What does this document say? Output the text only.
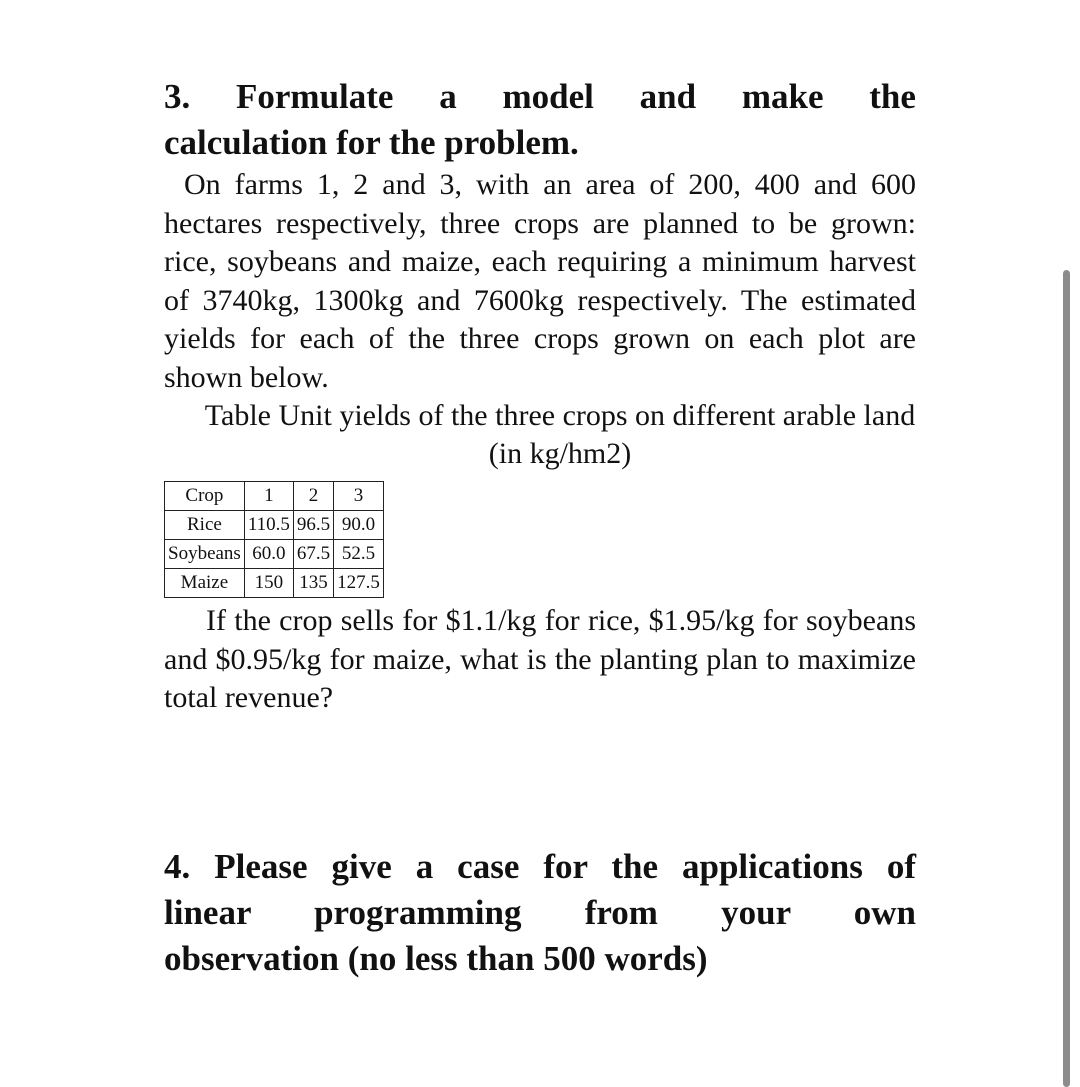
3. Formulate a model and make the
calculation for the problem.

On farms 1, 2 and 3, with an area of 200, 400 and 600 hectares respectively, three crops are planned to be grown: rice, soybeans and maize, each requiring a minimum harvest of 3740kg, 1300kg and 7600kg respectively. The estimated yields for each of the three crops grown on each plot are shown below.

Table Unit yields of the three crops on different arable land (in kg/hm2)

Crop	1	2	3
Rice	110.5	96.5	90.0
Soybeans	60.0	67.5	52.5
Maize	150	135	127.5

If the crop sells for $1.1/kg for rice, $1.95/kg for soybeans and $0.95/kg for maize, what is the planting plan to maximize total revenue?

4. Please give a case for the applications of
linear programming from your own
observation (no less than 500 words)
